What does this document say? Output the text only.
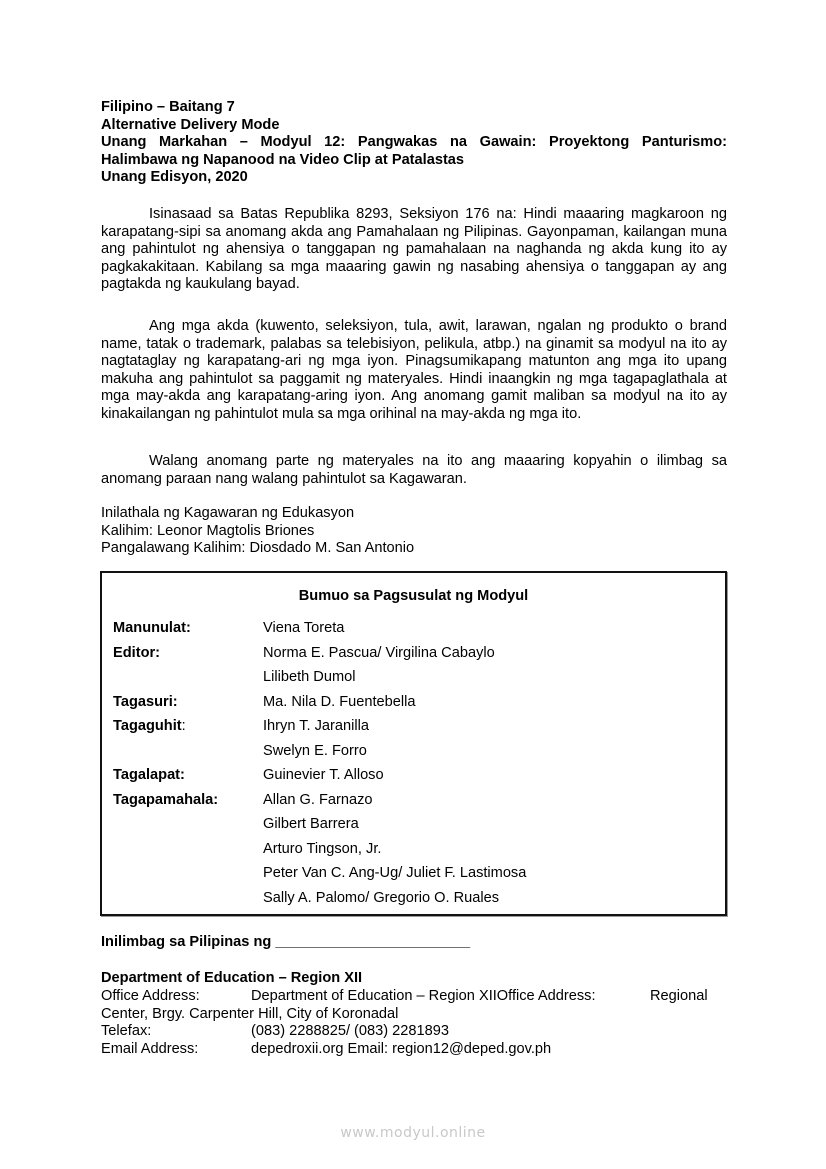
Filipino – Baitang 7
Alternative Delivery Mode
Unang Markahan – Modyul 12: Pangwakas na Gawain: Proyektong Panturismo:
Halimbawa ng Napanood na Video Clip at Patalastas
Unang Edisyon, 2020

Isinasaad sa Batas Republika 8293, Seksiyon 176 na: Hindi maaaring magkaroon ng karapatang-sipi sa anomang akda ang Pamahalaan ng Pilipinas. Gayonpaman, kailangan muna ang pahintulot ng ahensiya o tanggapan ng pamahalaan na naghanda ng akda kung ito ay pagkakakitaan. Kabilang sa mga maaaring gawin ng nasabing ahensiya o tanggapan ay ang pagtakda ng kaukulang bayad.

Ang mga akda (kuwento, seleksiyon, tula, awit, larawan, ngalan ng produkto o brand name, tatak o trademark, palabas sa telebisiyon, pelikula, atbp.) na ginamit sa modyul na ito ay nagtataglay ng karapatang-ari ng mga iyon. Pinagsumikapang matunton ang mga ito upang makuha ang pahintulot sa paggamit ng materyales. Hindi inaangkin ng mga tagapaglathala at mga may-akda ang karapatang-aring iyon. Ang anomang gamit maliban sa modyul na ito ay kinakailangan ng pahintulot mula sa mga orihinal na may-akda ng mga ito.

Walang anomang parte ng materyales na ito ang maaaring kopyahin o ilimbag sa anomang paraan nang walang pahintulot sa Kagawaran.

Inilathala ng Kagawaran ng Edukasyon
Kalihim: Leonor Magtolis Briones
Pangalawang Kalihim: Diosdado M. San Antonio
Bumuo sa Pagsusulat ng Modyul
Manunulat:	Viena Toreta
Editor:	Norma E. Pascua/ Virgilina Cabaylo
Lilibeth Dumol
Tagasuri:	Ma. Nila D. Fuentebella
Tagaguhit:	Ihryn T. Jaranilla
Swelyn E. Forro
Tagalapat:	Guinevier T. Alloso
Tagapamahala:	Allan G. Farnazo
Gilbert Barrera
Arturo Tingson, Jr.
Peter Van C. Ang-Ug/ Juliet F. Lastimosa
Sally A. Palomo/ Gregorio O. Ruales
Inilimbag sa Pilipinas ng ________________________
Department of Education – Region XII
Office Address:	Department of Education – Region XIIOffice Address:	Regional
Center, Brgy. Carpenter Hill, City of Koronadal
Telefax:	(083) 2288825/ (083) 2281893
Email Address:	depedroxii.org Email: region12@deped.gov.ph
www.modyul.online
